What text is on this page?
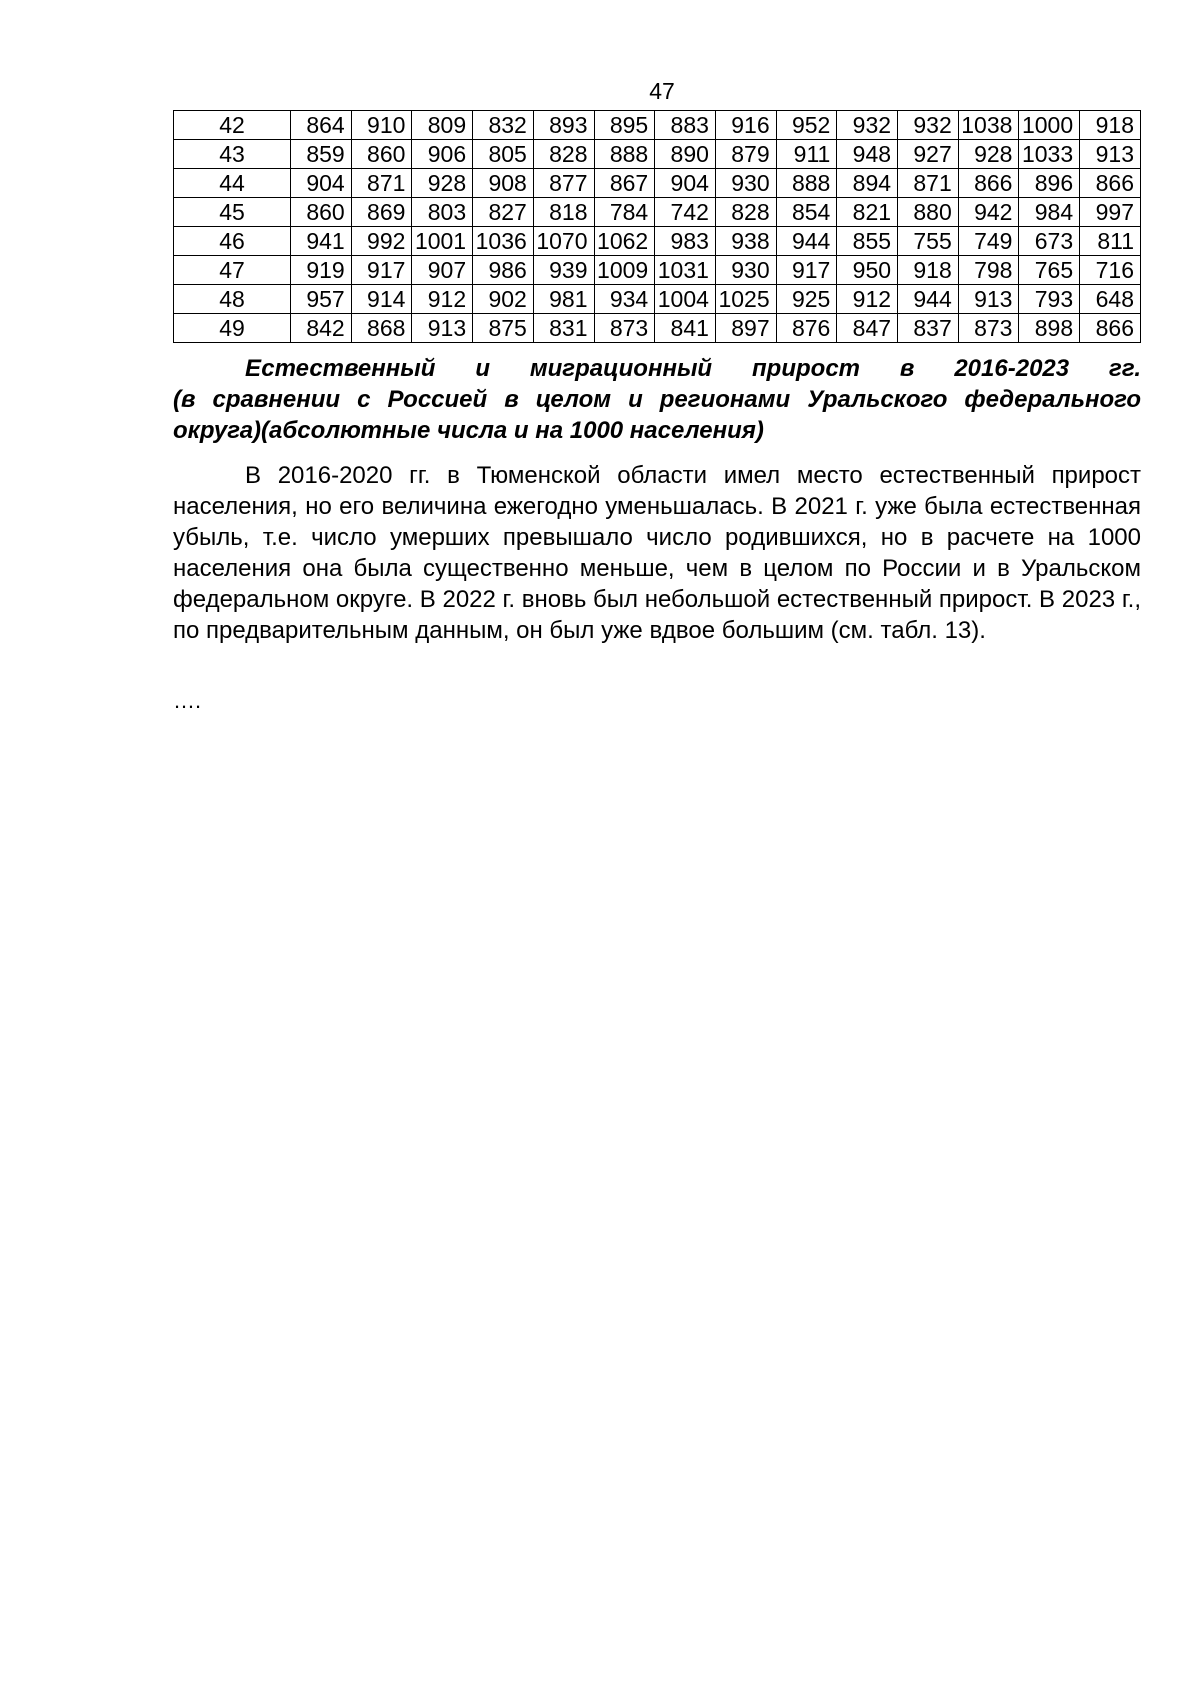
47
42	864	910	809	832	893	895	883	916	952	932	932	1038	1000	918
43	859	860	906	805	828	888	890	879	911	948	927	928	1033	913
44	904	871	928	908	877	867	904	930	888	894	871	866	896	866
45	860	869	803	827	818	784	742	828	854	821	880	942	984	997
46	941	992	1001	1036	1070	1062	983	938	944	855	755	749	673	811
47	919	917	907	986	939	1009	1031	930	917	950	918	798	765	716
48	957	914	912	902	981	934	1004	1025	925	912	944	913	793	648
49	842	868	913	875	831	873	841	897	876	847	837	873	898	866
Естественный и миграционный прирост в 2016-2023 гг.
(в сравнении с Россией в целом и регионами Уральского федерального округа)(абсолютные числа и на 1000 населения)
В 2016-2020 гг. в Тюменской области имел место естественный прирост населения, но его величина ежегодно уменьшалась. В 2021 г. уже была естественная убыль, т.е. число умерших превышало число родившихся, но в расчете на 1000 населения она была существенно меньше, чем в целом по России и в Уральском федеральном округе. В 2022 г. вновь был небольшой естественный прирост. В 2023 г., по предварительным данным, он был уже вдвое большим (см. табл. 13).
….
